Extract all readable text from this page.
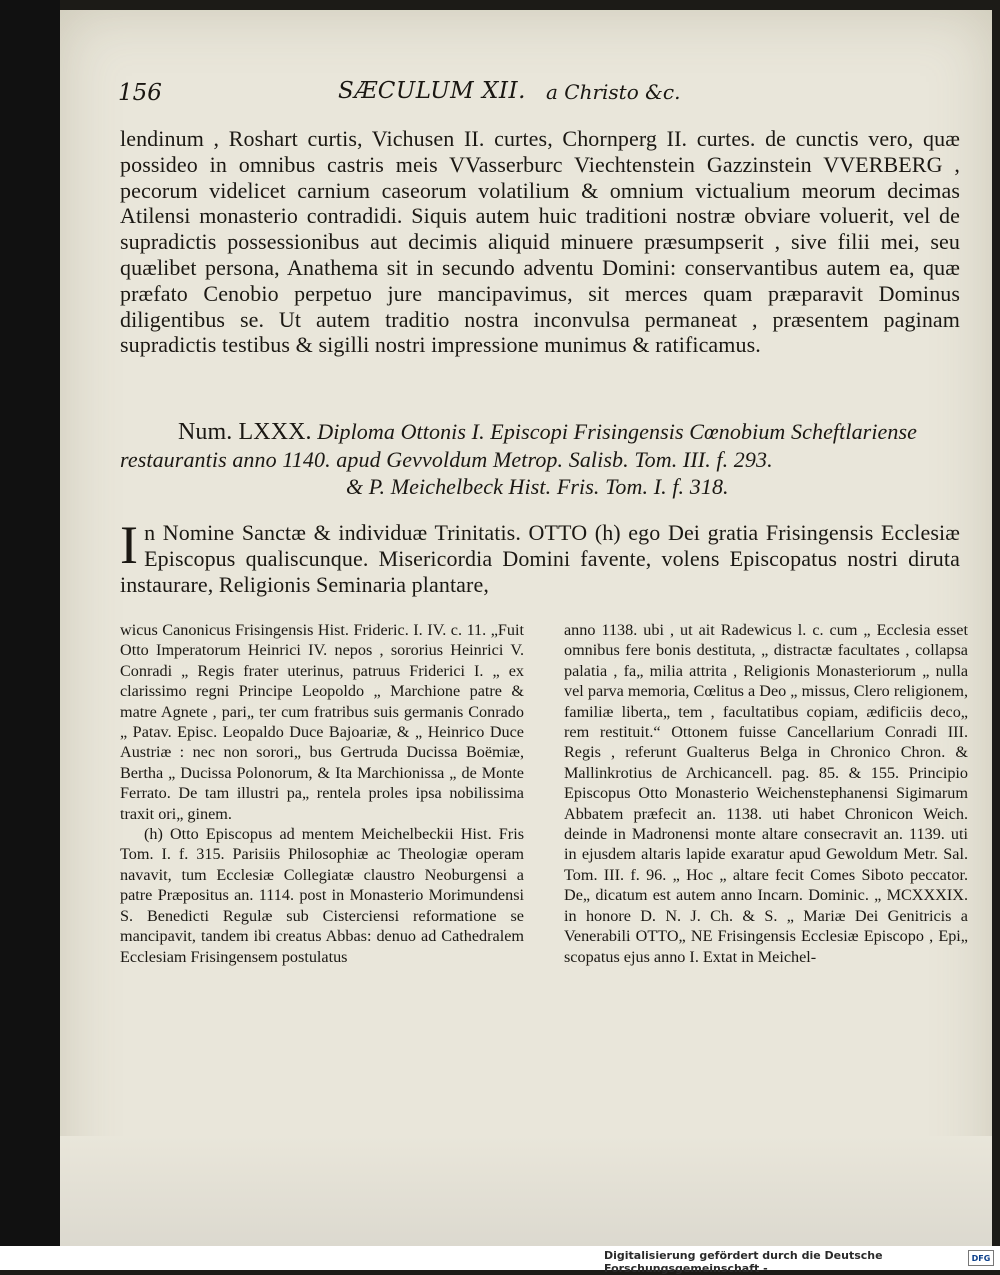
156	SÆCULUM XII. a Christo &c.
lendinum , Roshart curtis, Vichusen II. curtes, Chornperg II. curtes. de cunctis vero, quæ possideo in omnibus castris meis VVasserburc Viechtenstein Gazzinstein VVERBERG , pecorum videlicet carnium caseorum volatilium & omnium victualium meorum decimas Atilensi monasterio contradidi. Siquis autem huic traditioni nostræ obviare voluerit, vel de supradictis possessionibus aut decimis aliquid minuere præsumpserit , sive filii mei, seu quælibet persona, Anathema sit in secundo adventu Domini: conservantibus autem ea, quæ præfato Cenobio perpetuo jure mancipavimus, sit merces quam præparavit Dominus diligentibus se. Ut autem traditio nostra inconvulsa permaneat , præsentem paginam supradictis testibus & sigilli nostri impressione munimus & ratificamus.
Num. LXXX. Diploma Ottonis I. Episcopi Frisingensis Cœnobium Scheftlariense
restaurantis anno 1140. apud Gevvoldum Metrop. Salisb. Tom. III. f. 293.
& P. Meichelbeck Hist. Fris. Tom. I. f. 318.
I n Nomine Sanctæ & individuæ Trinitatis. OTTO (h) ego Dei gratia Frisingensis Ecclesiæ Episcopus qualiscunque. Misericordia Domini favente, volens Episcopatus nostri diruta instaurare, Religionis Seminaria plantare,

wicus Canonicus Frisingensis Hist. Frideric. I. IV. c. 11. „Fuit Otto Imperatorum Heinrici IV. nepos , sororius Heinrici V. Conradi „ Regis frater uterinus, patruus Friderici I. „ ex clarissimo regni Principe Leopoldo „ Marchione patre & matre Agnete , pari„ ter cum fratribus suis germanis Conrado „ Patav. Episc. Leopaldo Duce Bajoariæ, & „ Heinrico Duce Austriæ : nec non sorori„ bus Gertruda Ducissa Boëmiæ, Bertha „ Ducissa Polonorum, & Ita Marchionissa „ de Monte Ferrato. De tam illustri pa„ rentela proles ipsa nobilissima traxit ori„ ginem.

(h) Otto Episcopus ad mentem Meichelbeckii Hist. Fris Tom. I. f. 315. Parisiis Philosophiæ ac Theologiæ operam navavit, tum Ecclesiæ Collegiatæ claustro Neoburgensi a patre Præpositus an. 1114. post in Monasterio Morimundensi S. Benedicti Regulæ sub Cisterciensi reformatione se mancipavit, tandem ibi creatus Abbas: denuo ad Cathedralem Ecclesiam Frisingensem postulatus

anno 1138. ubi , ut ait Radewicus l. c. cum „ Ecclesia esset omnibus fere bonis destituta, „ distractæ facultates , collapsa palatia , fa„ milia attrita , Religionis Monasteriorum „ nulla vel parva memoria, Cœlitus a Deo „ missus, Clero religionem, familiæ liberta„ tem , facultatibus copiam, ædificiis deco„ rem restituit.“ Ottonem fuisse Cancellarium Conradi III. Regis , referunt Gualterus Belga in Chronico Chron. & Mallinkrotius de Archicancell. pag. 85. & 155. Principio Episcopus Otto Monasterio Weichenstephanensi Sigimarum Abbatem præfecit an. 1138. uti habet Chronicon Weich. deinde in Madronensi monte altare consecravit an. 1139. uti in ejusdem altaris lapide exaratur apud Gewoldum Metr. Sal. Tom. III. f. 96. „ Hoc „ altare fecit Comes Siboto peccator. De„ dicatum est autem anno Incarn. Dominic. „ MCXXXIX. in honore D. N. J. Ch. & S. „ Mariæ Dei Genitricis a Venerabili OTTO„ NE Frisingensis Ecclesiæ Episcopo , Epi„ scopatus ejus anno I. Extat in Meichel-

Digitalisierung gefördert durch die Deutsche Forschungsgemeinschaft -
DFG
